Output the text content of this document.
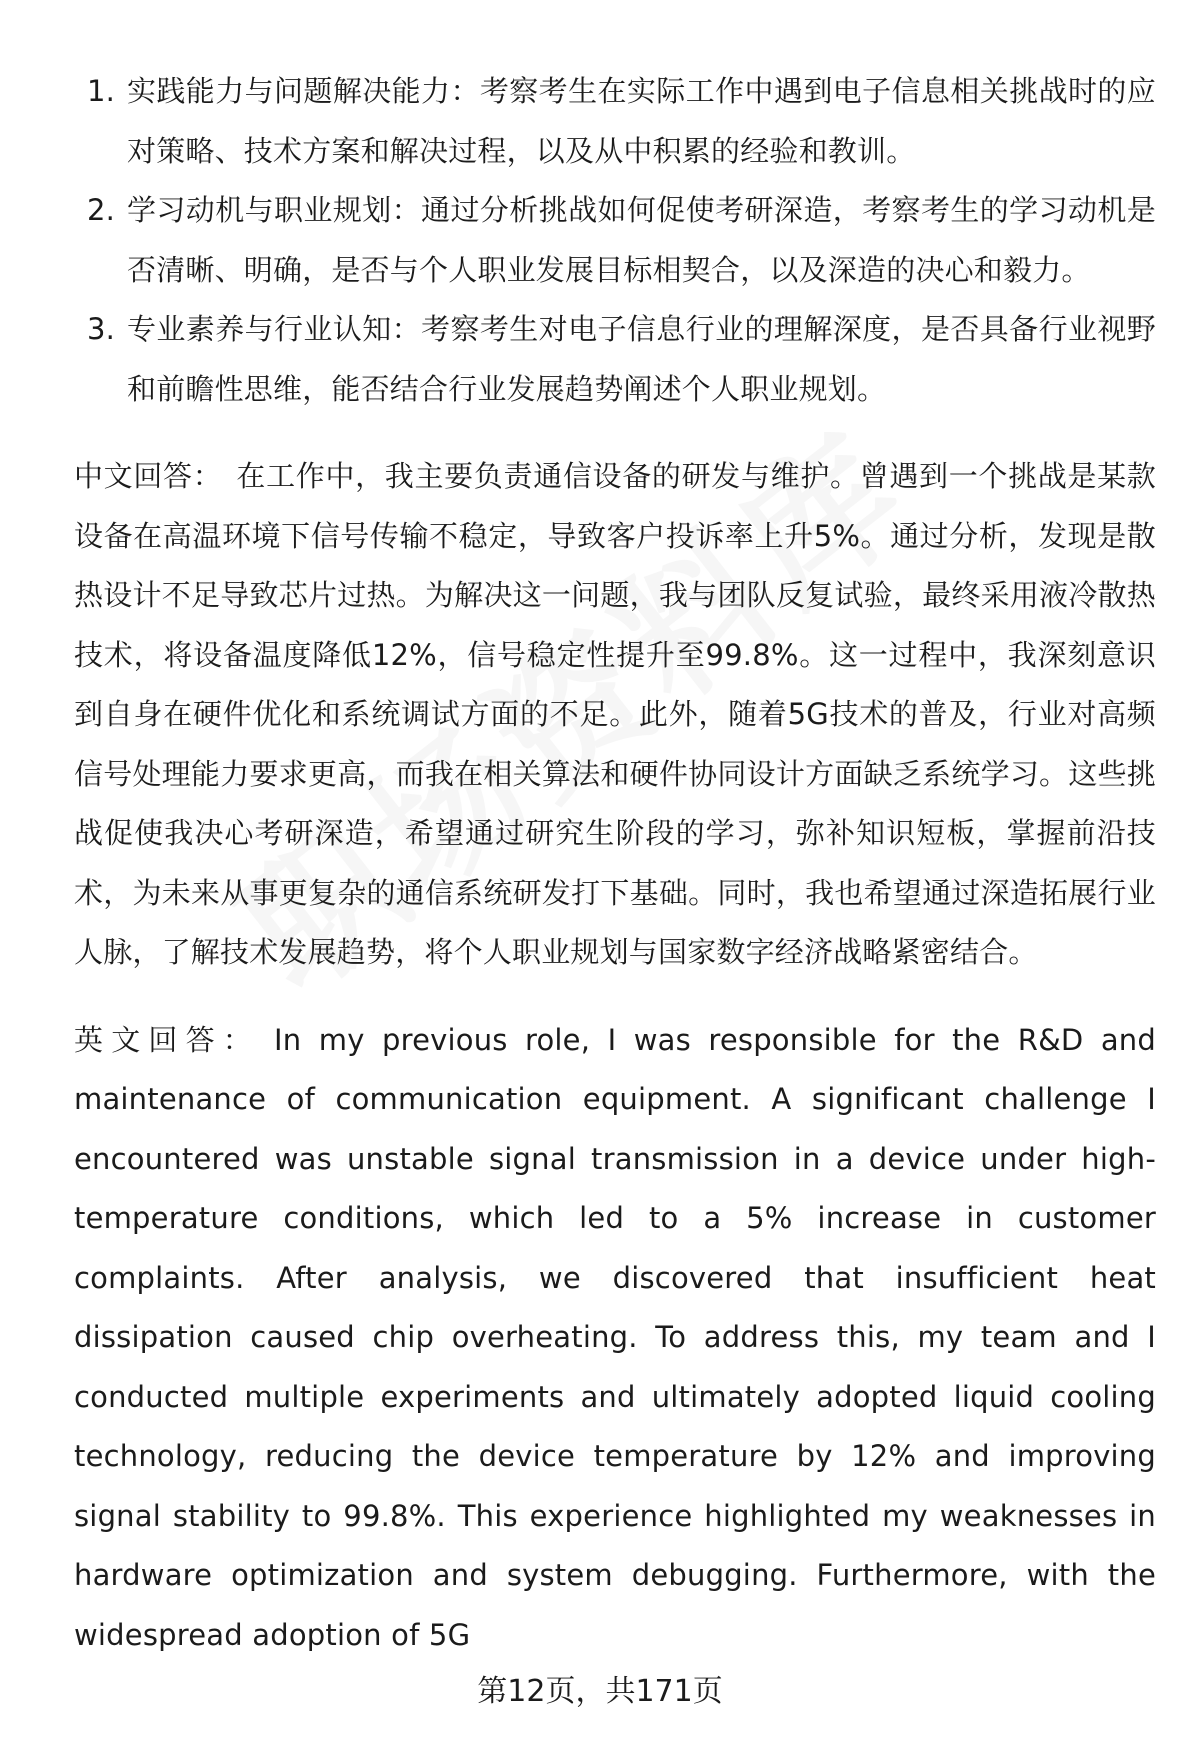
1. 实践能力与问题解决能力：考察考生在实际工作中遇到电子信息相关挑战时的应对策略、技术方案和解决过程，以及从中积累的经验和教训。
2. 学习动机与职业规划：通过分析挑战如何促使考研深造，考察考生的学习动机是否清晰、明确，是否与个人职业发展目标相契合，以及深造的决心和毅力。
3. 专业素养与行业认知：考察考生对电子信息行业的理解深度，是否具备行业视野和前瞻性思维，能否结合行业发展趋势阐述个人职业规划。

中文回答： 在工作中，我主要负责通信设备的研发与维护。曾遇到一个挑战是某款设备在高温环境下信号传输不稳定，导致客户投诉率上升5%。通过分析，发现是散热设计不足导致芯片过热。为解决这一问题，我与团队反复试验，最终采用液冷散热技术，将设备温度降低12%，信号稳定性提升至99.8%。这一过程中，我深刻意识到自身在硬件优化和系统调试方面的不足。此外，随着5G技术的普及，行业对高频信号处理能力要求更高，而我在相关算法和硬件协同设计方面缺乏系统学习。这些挑战促使我决心考研深造，希望通过研究生阶段的学习，弥补知识短板，掌握前沿技术，为未来从事更复杂的通信系统研发打下基础。同时，我也希望通过深造拓展行业人脉，了解技术发展趋势，将个人职业规划与国家数字经济战略紧密结合。

英文回答： In my previous role, I was responsible for the R&D and maintenance of communication equipment. A significant challenge I encountered was unstable signal transmission in a device under high-temperature conditions, which led to a 5% increase in customer complaints. After analysis, we discovered that insufficient heat dissipation caused chip overheating. To address this, my team and I conducted multiple experiments and ultimately adopted liquid cooling technology, reducing the device temperature by 12% and improving signal stability to 99.8%. This experience highlighted my weaknesses in hardware optimization and system debugging. Furthermore, with the widespread adoption of 5G

第12页，共171页
